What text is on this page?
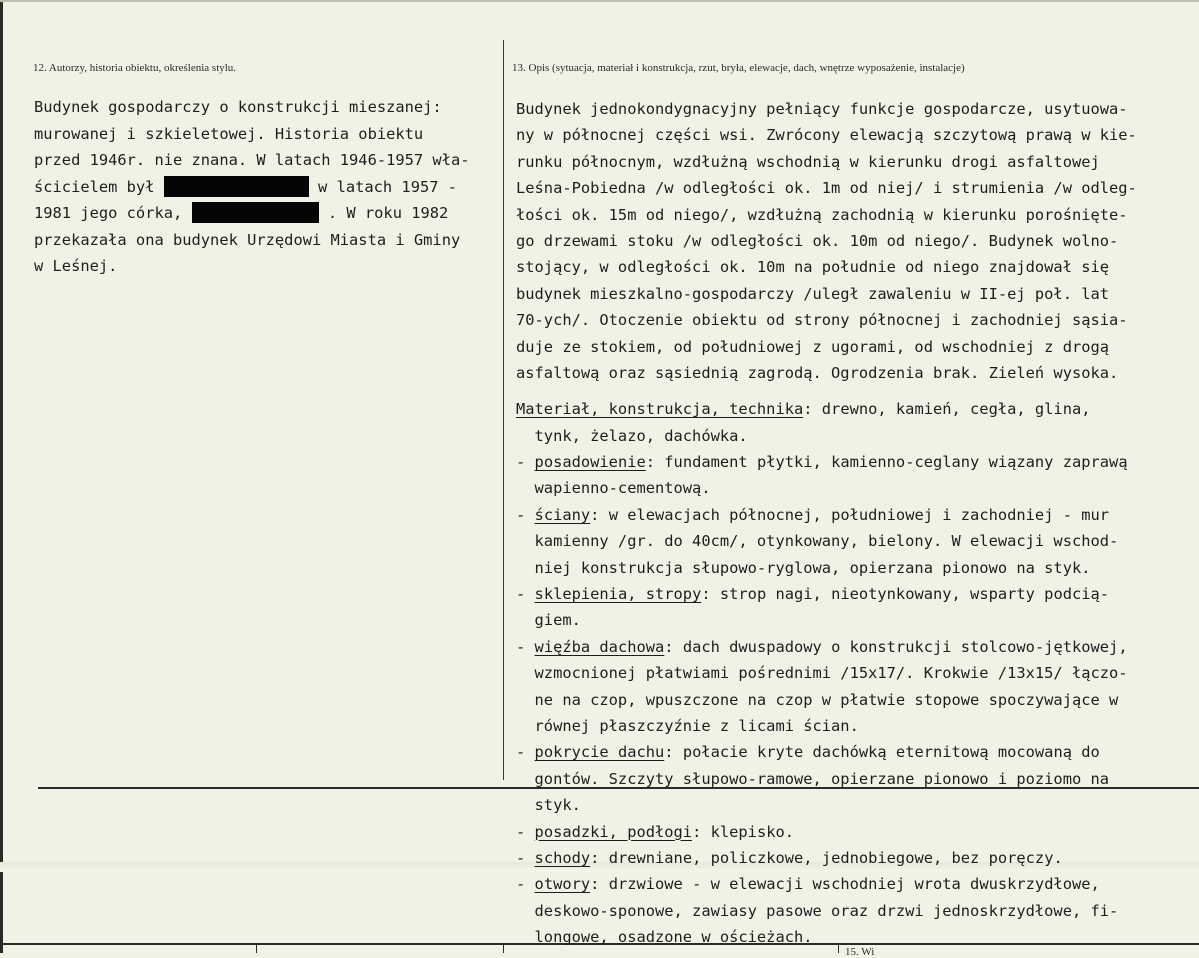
12. Autorzy, historia obiektu, określenia stylu.	13. Opis (sytuacja, materiał i konstrukcja, rzut, bryła, elewacje, dach, wnętrze wyposażenie, instalacje)
Budynek gospodarczy o konstrukcji mieszanej:
murowanej i szkieletowej. Historia obiektu
przed 1946r. nie znana. W latach 1946-1957 wła-
ścicielem był	w latach 1957 -
1981 jego córka,	. W roku 1982
przekazała ona budynek Urzędowi Miasta i Gminy
w Leśnej.
Budynek jednokondygnacyjny pełniący funkcje gospodarcze, usytuowa-
ny w północnej części wsi. Zwrócony elewacją szczytową prawą w kie-
runku północnym, wzdłużną wschodnią w kierunku drogi asfaltowej
Leśna-Pobiedna /w odległości ok. 1m od niej/ i strumienia /w odleg-
łości ok. 15m od niego/, wzdłużną zachodnią w kierunku porośnięte-
go drzewami stoku /w odległości ok. 10m od niego/. Budynek wolno-
stojący, w odległości ok. 10m na południe od niego znajdował się
budynek mieszkalno-gospodarczy /uległ zawaleniu w II-ej poł. lat
70-ych/. Otoczenie obiektu od strony północnej i zachodniej sąsia-
duje ze stokiem, od południowej z ugorami, od wschodniej z drogą
asfaltową oraz sąsiednią zagrodą. Ogrodzenia brak. Zieleń wysoka.
Materiał, konstrukcja, technika: drewno, kamień, cegła, glina,
tynk, żelazo, dachówka.
- posadowienie: fundament płytki, kamienno-ceglany wiązany zaprawą
wapienno-cementową.
- ściany: w elewacjach północnej, południowej i zachodniej - mur
kamienny /gr. do 40cm/, otynkowany, bielony. W elewacji wschod-
niej konstrukcja słupowo-ryglowa, opierzana pionowo na styk.
- sklepienia, stropy: strop nagi, nieotynkowany, wsparty podcią-
giem.
- więźba dachowa: dach dwuspadowy o konstrukcji stolcowo-jętkowej,
wzmocnionej płatwiami pośrednimi /15x17/. Krokwie /13x15/ łączo-
ne na czop, wpuszczone na czop w płatwie stopowe spoczywające w
równej płaszczyźnie z licami ścian.
- pokrycie dachu: połacie kryte dachówką eternitową mocowaną do
gontów. Szczyty słupowo-ramowe, opierzane pionowo i poziomo na
styk.
- posadzki, podłogi: klepisko.
- schody: drewniane, policzkowe, jednobiegowe, bez poręczy.
- otwory: drzwiowe - w elewacji wschodniej wrota dwuskrzydłowe,
deskowo-sponowe, zawiasy pasowe oraz drzwi jednoskrzydłowe, fi-
longowe, osadzone w ościeżach.
15. Wi
